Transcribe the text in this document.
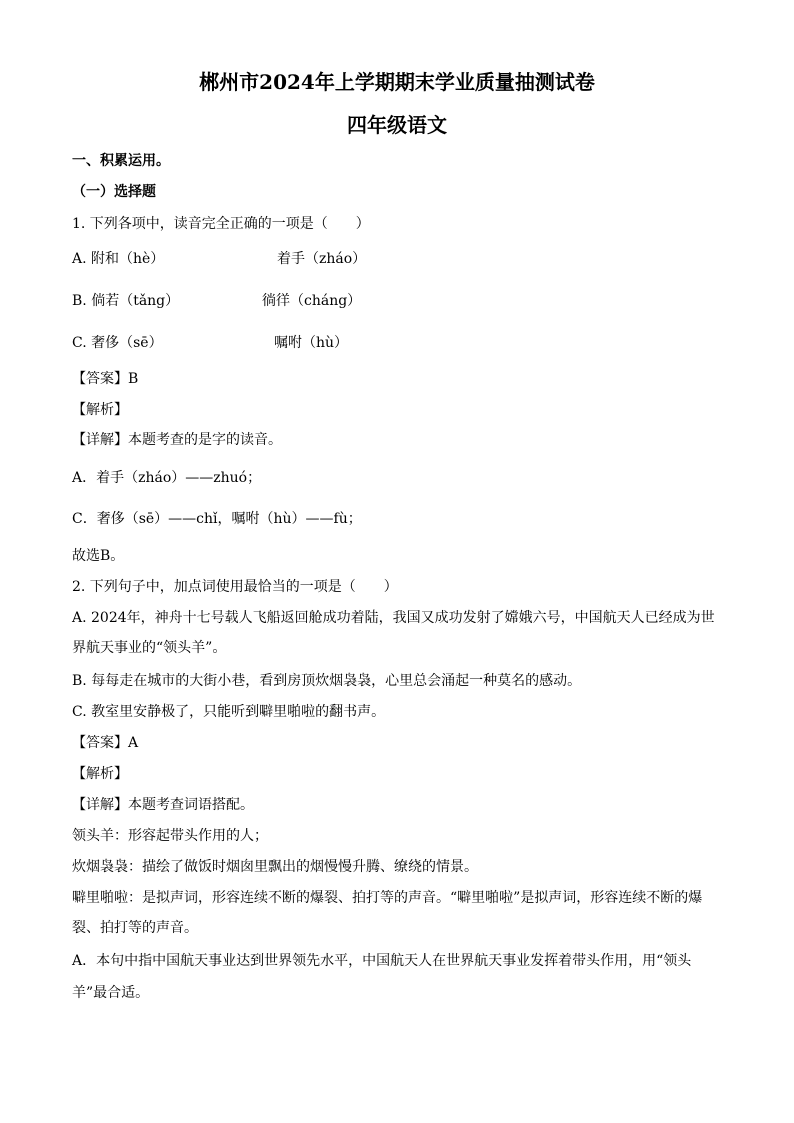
郴州市2024年上学期期末学业质量抽测试卷
四年级语文
一、积累运用。
（一）选择题
1. 下列各项中，读音完全正确的一项是（　　）
A. 附和（hè）	着手（zháo）
B. 倘若（tǎng）	徜徉（cháng）
C. 奢侈（sē）	嘱咐（hù）
【答案】B
【解析】
【详解】本题考查的是字的读音。
A．着手（zháo）——zhuó；
C．奢侈（sē）——chǐ，嘱咐（hù）——fù；
故选B。
2. 下列句子中，加点词使用最恰当的一项是（　　）
A. 2024年，神舟十七号载人飞船返回舱成功着陆，我国又成功发射了嫦娥六号，中国航天人已经成为世
界航天事业的“领头羊”。
B. 每每走在城市的大街小巷，看到房顶炊烟袅袅，心里总会涌起一种莫名的感动。
C. 教室里安静极了，只能听到噼里啪啦的翻书声。
【答案】A
【解析】
【详解】本题考查词语搭配。
领头羊：形容起带头作用的人；
炊烟袅袅：描绘了做饭时烟囱里飘出的烟慢慢升腾、缭绕的情景。
噼里啪啦：是拟声词，形容连续不断的爆裂、拍打等的声音。“噼里啪啦”是拟声词，形容连续不断的爆
裂、拍打等的声音。
A．本句中指中国航天事业达到世界领先水平，中国航天人在世界航天事业发挥着带头作用，用“领头
羊”最合适。
